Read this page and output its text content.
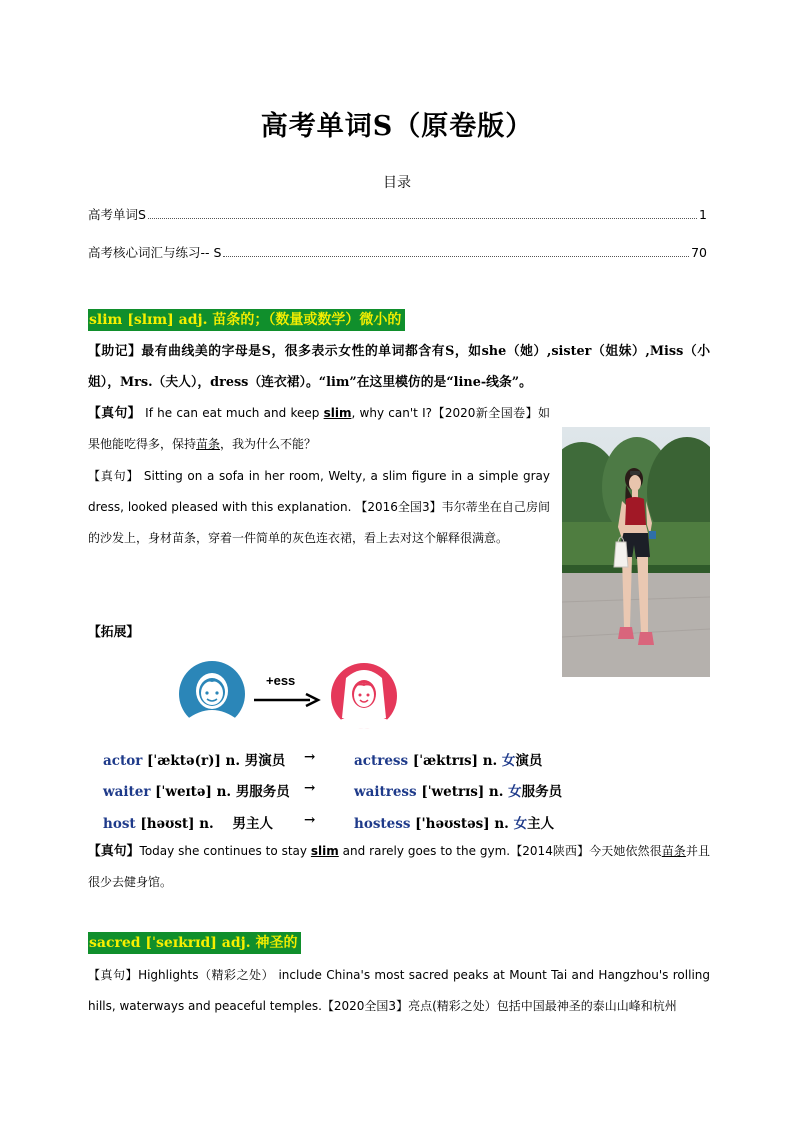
高考单词S（原卷版）
目录
高考单词S	1
高考核心词汇与练习-- S	70
slim [slɪm] adj. 苗条的；（数量或数学）微小的
【助记】最有曲线美的字母是S，很多表示女性的单词都含有S，如she（她）,sister（姐妹）,Miss（小姐），Mrs.（夫人），dress（连衣裙）。“lim”在这里模仿的是“line-线条”。
【真句】 If he can eat much and keep slim, why can't I?【2020新全国卷】如果他能吃得多，保持苗条，我为什么不能？
【真句】 Sitting on a sofa in her room, Welty, a slim figure in a simple gray dress, looked pleased with this explanation. 【2016全国3】韦尔蒂坐在自己房间的沙发上，身材苗条，穿着一件简单的灰色连衣裙，看上去对这个解释很满意。
【拓展】
+ess
actor [ˈæktə(r)] n. 男演员	→	actress [ˈæktrɪs] n. 女演员
waiter [ˈweɪtə] n. 男服务员	→	waitress [ˈwetrɪs] n. 女服务员
host [həʊst] n. 男主人	→	hostess ['həʊstəs] n. 女主人
【真句】Today she continues to stay slim and rarely goes to the gym.【2014陕西】今天她依然很苗条并且很少去健身馆。
sacred [ˈseɪkrɪd] adj. 神圣的
【真句】Highlights（精彩之处） include China's most sacred peaks at Mount Tai and Hangzhou's rolling hills, waterways and peaceful temples.【2020全国3】亮点(精彩之处）包括中国最神圣的泰山山峰和杭州
